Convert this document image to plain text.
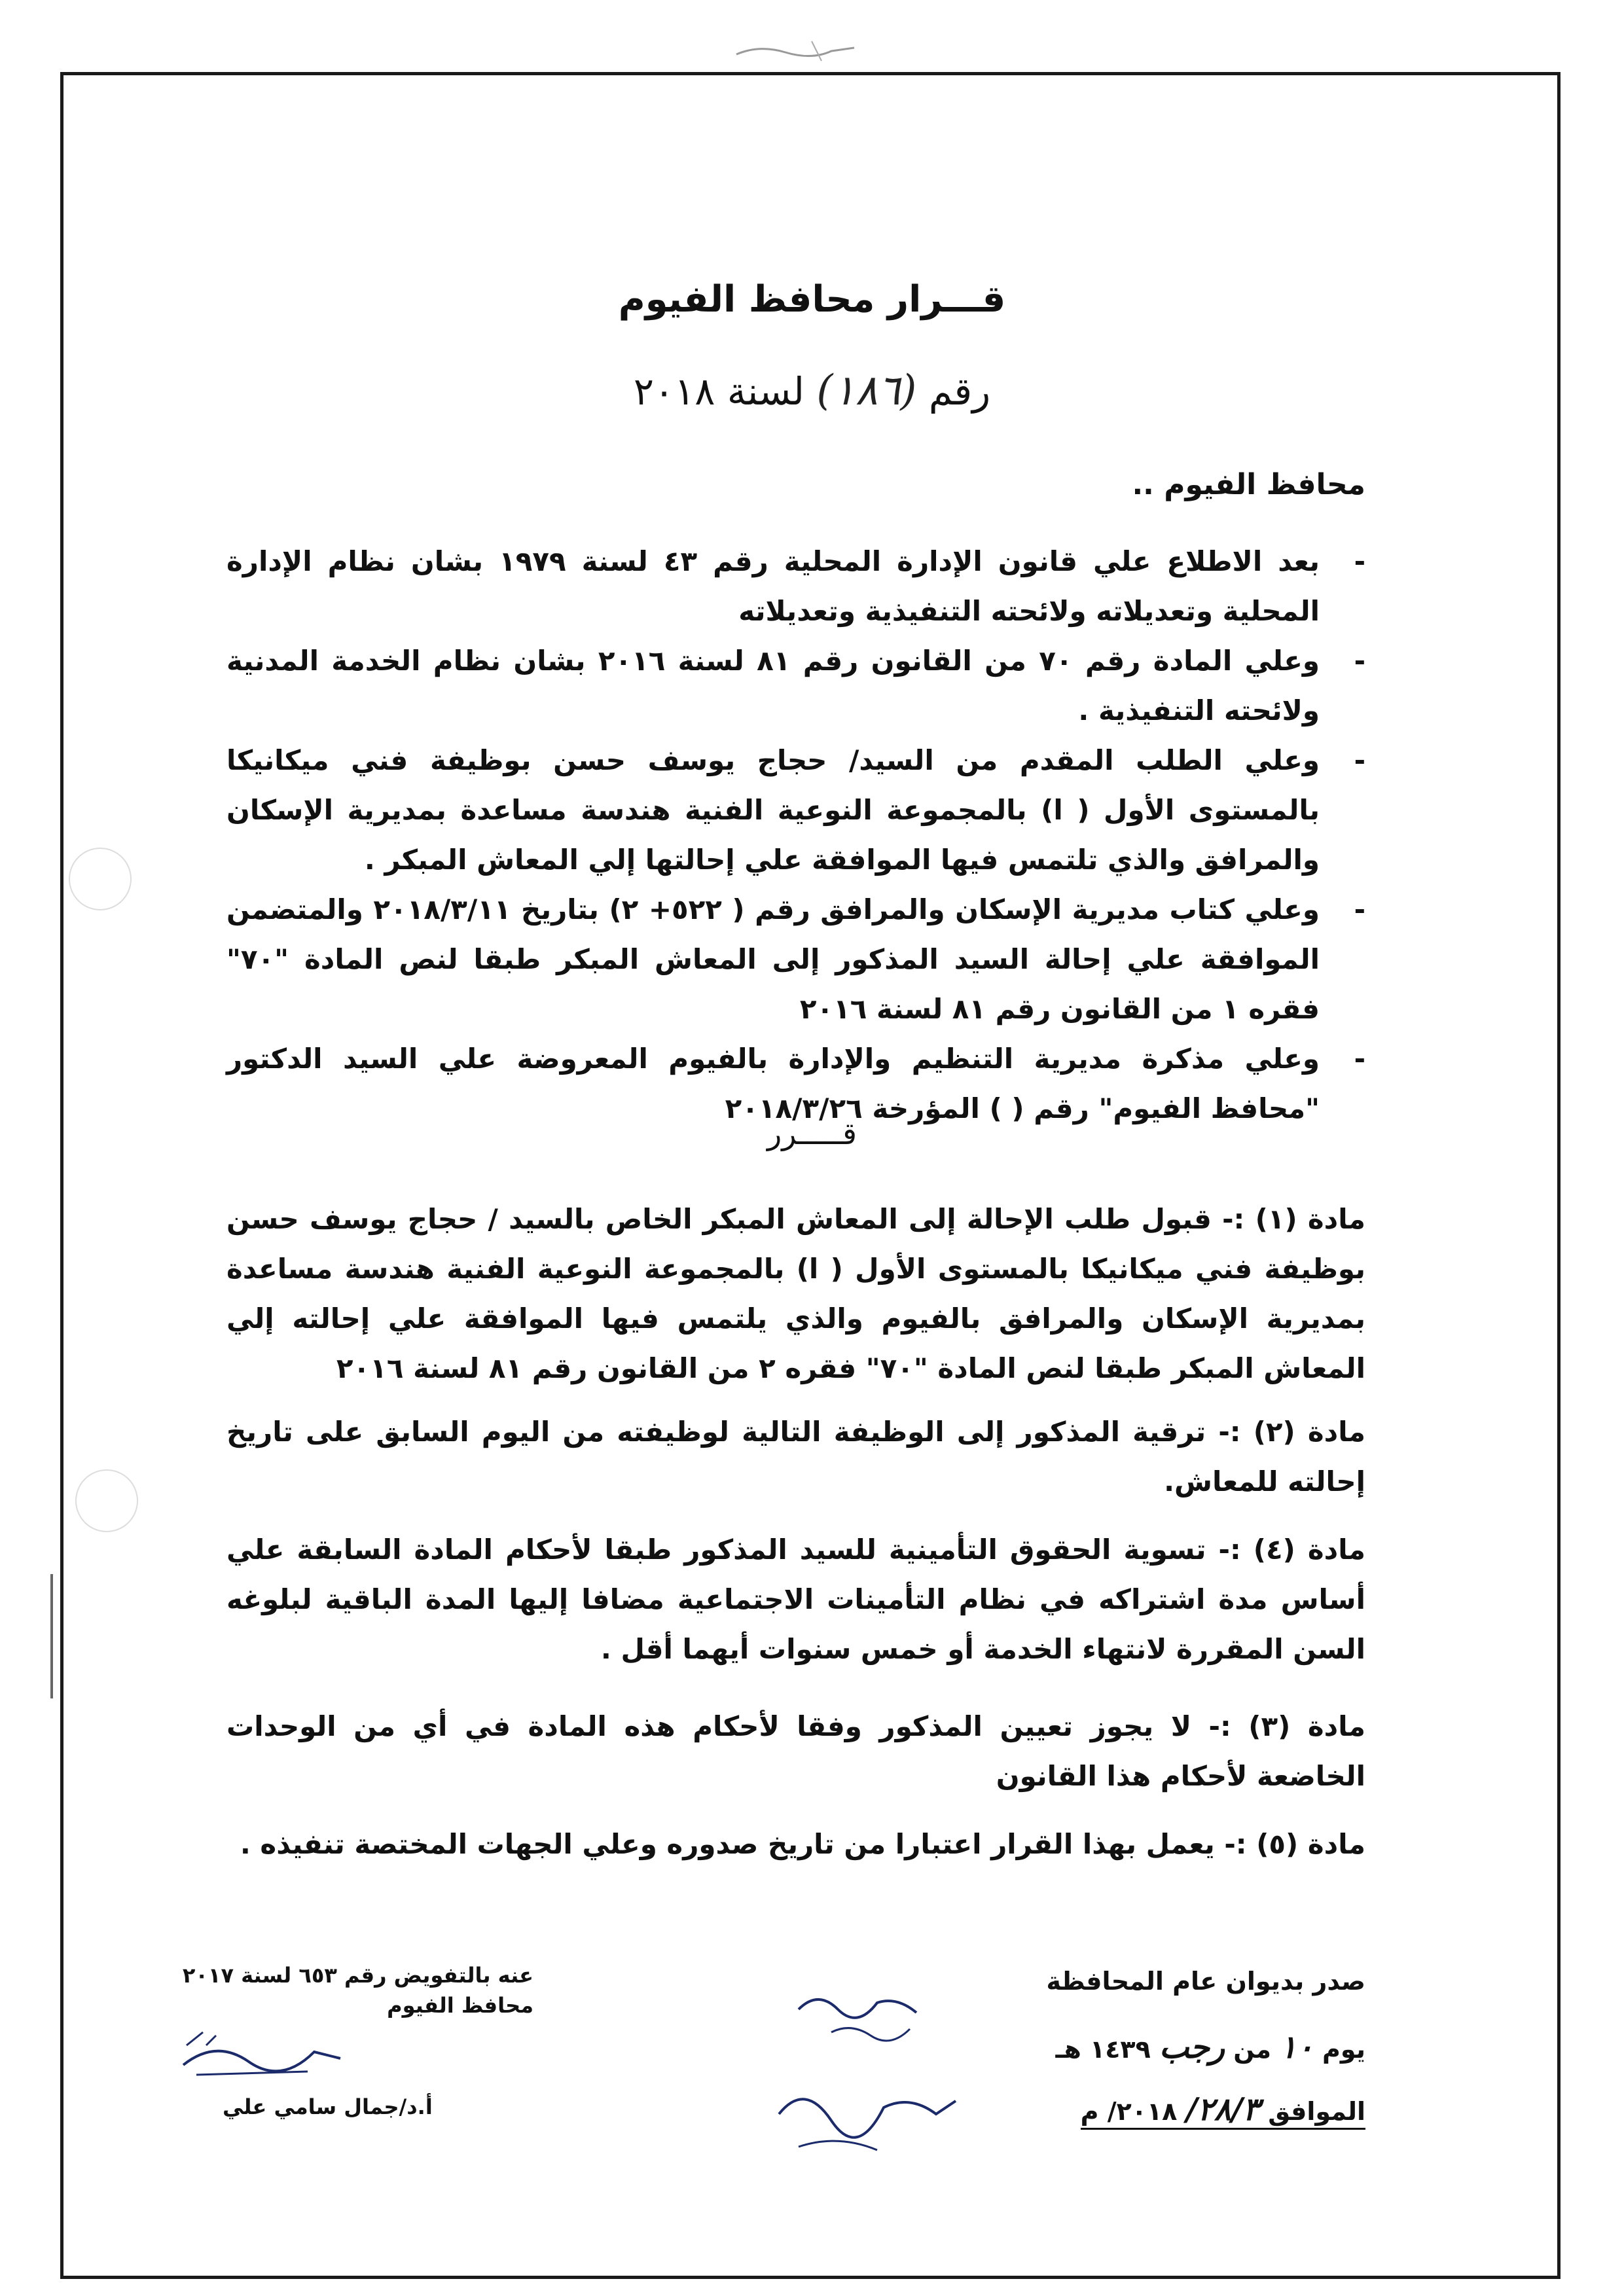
قـــرار محافظ الفيوم
رقم (١٨٦) لسنة ٢٠١٨
محافظ الفيوم ..
-
بعد الاطلاع علي قانون الإدارة المحلية رقم ٤٣ لسنة ١٩٧٩ بشان نظام الإدارة المحلية وتعديلاته ولائحته التنفيذية وتعديلاته
-
وعلي المادة رقم ٧٠ من القانون رقم ٨١ لسنة ٢٠١٦ بشان نظام الخدمة المدنية ولائحته التنفيذية .
-
وعلي الطلب المقدم من السيد/ حجاج يوسف حسن بوظيفة فني ميكانيكا بالمستوى الأول ( ا) بالمجموعة النوعية الفنية هندسة مساعدة بمديرية الإسكان والمرافق والذي تلتمس فيها الموافقة علي إحالتها إلي المعاش المبكر .
-
وعلي كتاب مديرية الإسكان والمرافق رقم ( ٥٢٢+ ٢) بتاريخ ٢٠١٨/٣/١١ والمتضمن الموافقة علي إحالة السيد المذكور إلى المعاش المبكر طبقا لنص المادة "٧٠" فقره ١ من القانون رقم ٨١ لسنة ٢٠١٦
-
وعلي مذكرة مديرية التنظيم والإدارة بالفيوم المعروضة علي السيد الدكتور "محافظ الفيوم" رقم ( ) المؤرخة ٢٠١٨/٣/٢٦
قـــــرر
مادة (١) :- قبول طلب الإحالة إلى المعاش المبكر الخاص بالسيد / حجاج يوسف حسن بوظيفة فني ميكانيكا بالمستوى الأول ( ا) بالمجموعة النوعية الفنية هندسة مساعدة بمديرية الإسكان والمرافق بالفيوم والذي يلتمس فيها الموافقة علي إحالته إلي المعاش المبكر طبقا لنص المادة "٧٠" فقره ٢ من القانون رقم ٨١ لسنة ٢٠١٦
مادة (٢) :- ترقية المذكور إلى الوظيفة التالية لوظيفته من اليوم السابق على تاريخ إحالته للمعاش.
مادة (٤) :- تسوية الحقوق التأمينية للسيد المذكور طبقا لأحكام المادة السابقة علي أساس مدة اشتراكه في نظام التأمينات الاجتماعية مضافا إليها المدة الباقية لبلوغه السن المقررة لانتهاء الخدمة أو خمس سنوات أيهما أقل .
مادة (٣) :- لا يجوز تعيين المذكور وفقا لأحكام هذه المادة في أي من الوحدات الخاضعة لأحكام هذا القانون
مادة (٥) :- يعمل بهذا القرار اعتبارا من تاريخ صدوره وعلي الجهات المختصة تنفيذه .
صدر بديوان عام المحافظة
يوم ١٠ من رجب ١٤٣٩ هـ
الموافق ٢٨/٣/ ٢٠١٨/ م
عنه بالتفويض رقم ٦٥٣ لسنة ٢٠١٧
محافظ الفيوم
أ.د/جمال سامي علي
